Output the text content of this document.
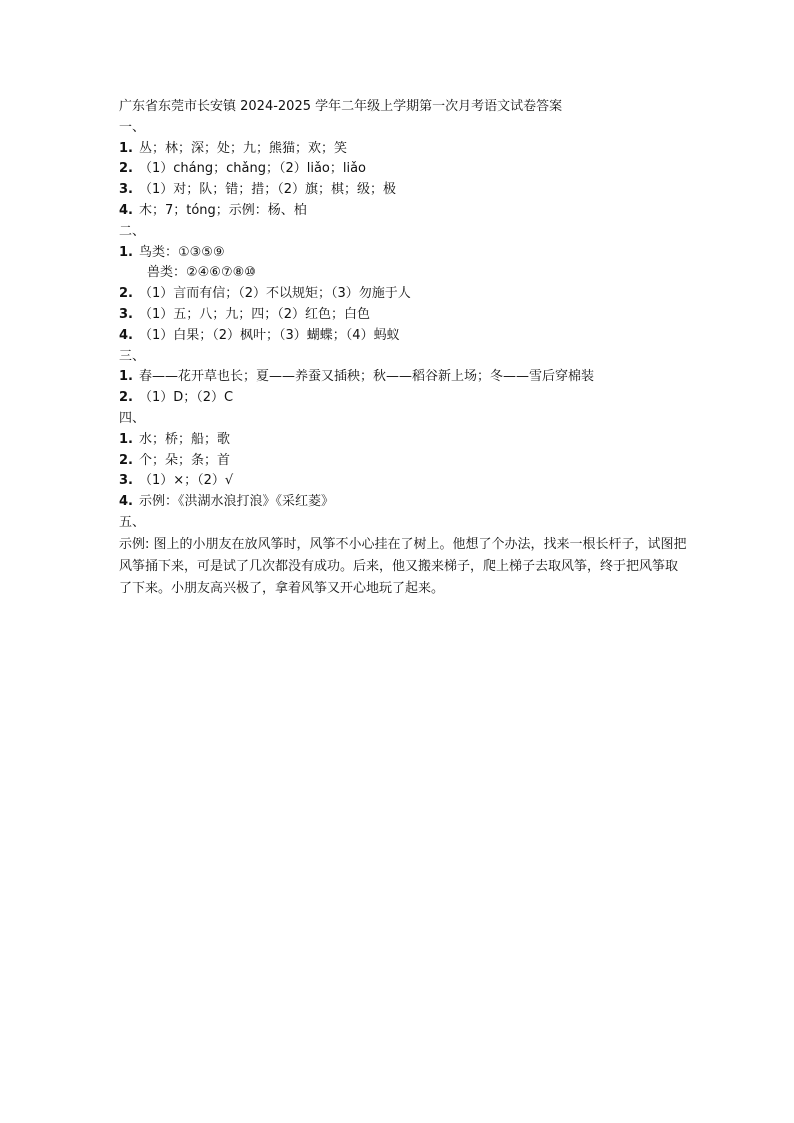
广东省东莞市长安镇 2024-2025 学年二年级上学期第一次月考语文试卷答案
一、
1. 丛；林；深；处；九；熊猫；欢；笑
2. （1）cháng；chǎng；（2）liǎo；liǎo
3. （1）对；队；错；措；（2）旗；棋；级；极
4. 木；7；tóng；示例：杨、柏
二、
1. 鸟类：①③⑤⑨
兽类：②④⑥⑦⑧⑩
2. （1）言而有信；（2）不以规矩；（3）勿施于人
3. （1）五；八；九；四；（2）红色；白色
4. （1）白果；（2）枫叶；（3）蝴蝶；（4）蚂蚁
三、
1. 春——花开草也长；夏——养蚕又插秧；秋——稻谷新上场；冬——雪后穿棉装
2. （1）D；（2）C
四、
1. 水；桥；船；歌
2. 个；朵；条；首
3. （1）×；（2）√
4. 示例：《洪湖水浪打浪》《采红菱》
五、
示例: 图上的小朋友在放风筝时，风筝不小心挂在了树上。他想了个办法，找来一根长杆子，试图把风筝捅下来，可是试了几次都没有成功。后来，他又搬来梯子，爬上梯子去取风筝，终于把风筝取了下来。小朋友高兴极了，拿着风筝又开心地玩了起来。
